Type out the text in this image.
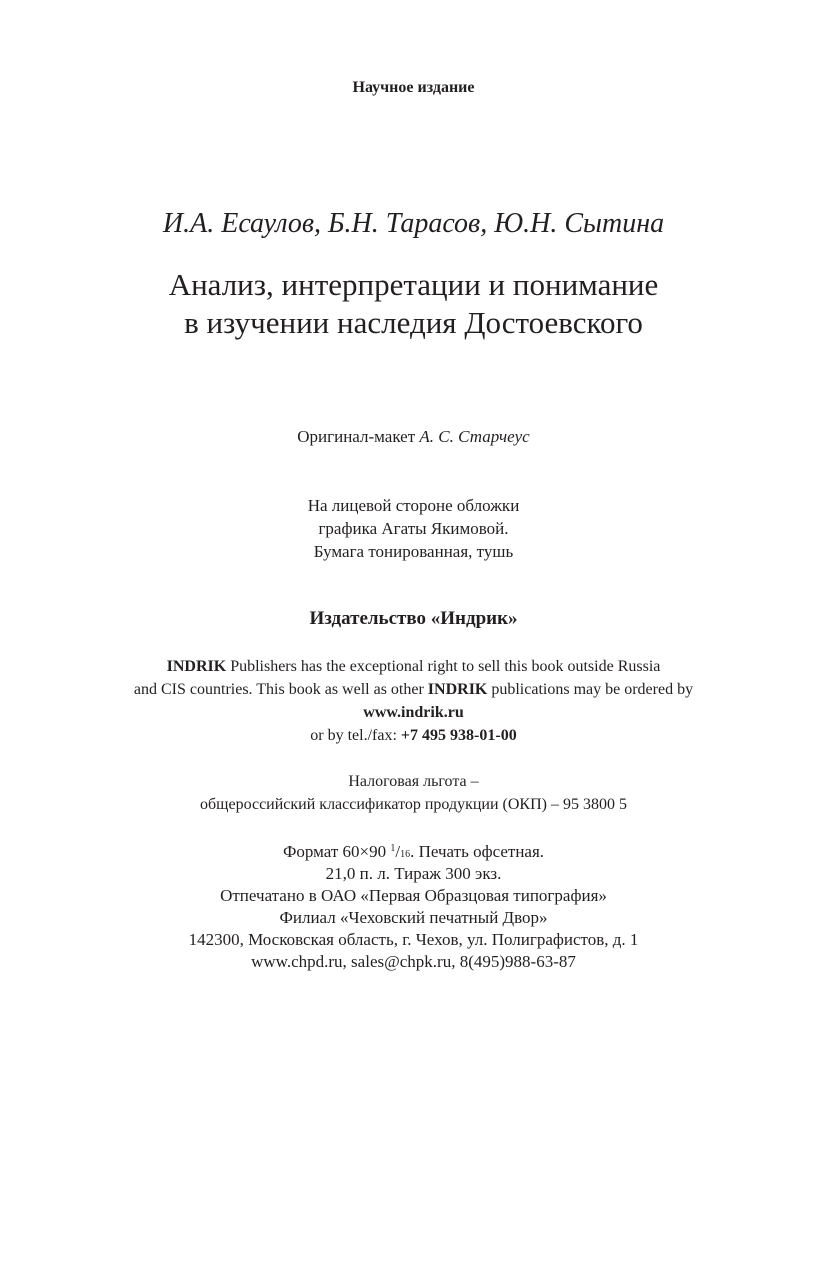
Научное издание
И.А. Есаулов, Б.Н. Тарасов, Ю.Н. Сытина
Анализ, интерпретации и понимание
в изучении наследия Достоевского
Оригинал-макет А. С. Старчеус
На лицевой стороне обложки
графика Агаты Якимовой.
Бумага тонированная, тушь
Издательство «Индрик»
INDRIK Publishers has the exceptional right to sell this book outside Russia
and CIS countries. This book as well as other INDRIK publications may be ordered by
www.indrik.ru
or by tel./fax: +7 495 938-01-00
Налоговая льгота –
общероссийский классификатор продукции (ОКП) – 95 3800 5
Формат 60×90 $^1$/16. Печать офсетная.
21,0 п. л. Тираж 300 экз.
Отпечатано в ОАО «Первая Образцовая типография»
Филиал «Чеховский печатный Двор»
142300, Московская область, г. Чехов, ул. Полиграфистов, д. 1
www.chpd.ru, sales@chpk.ru, 8(495)988-63-87
